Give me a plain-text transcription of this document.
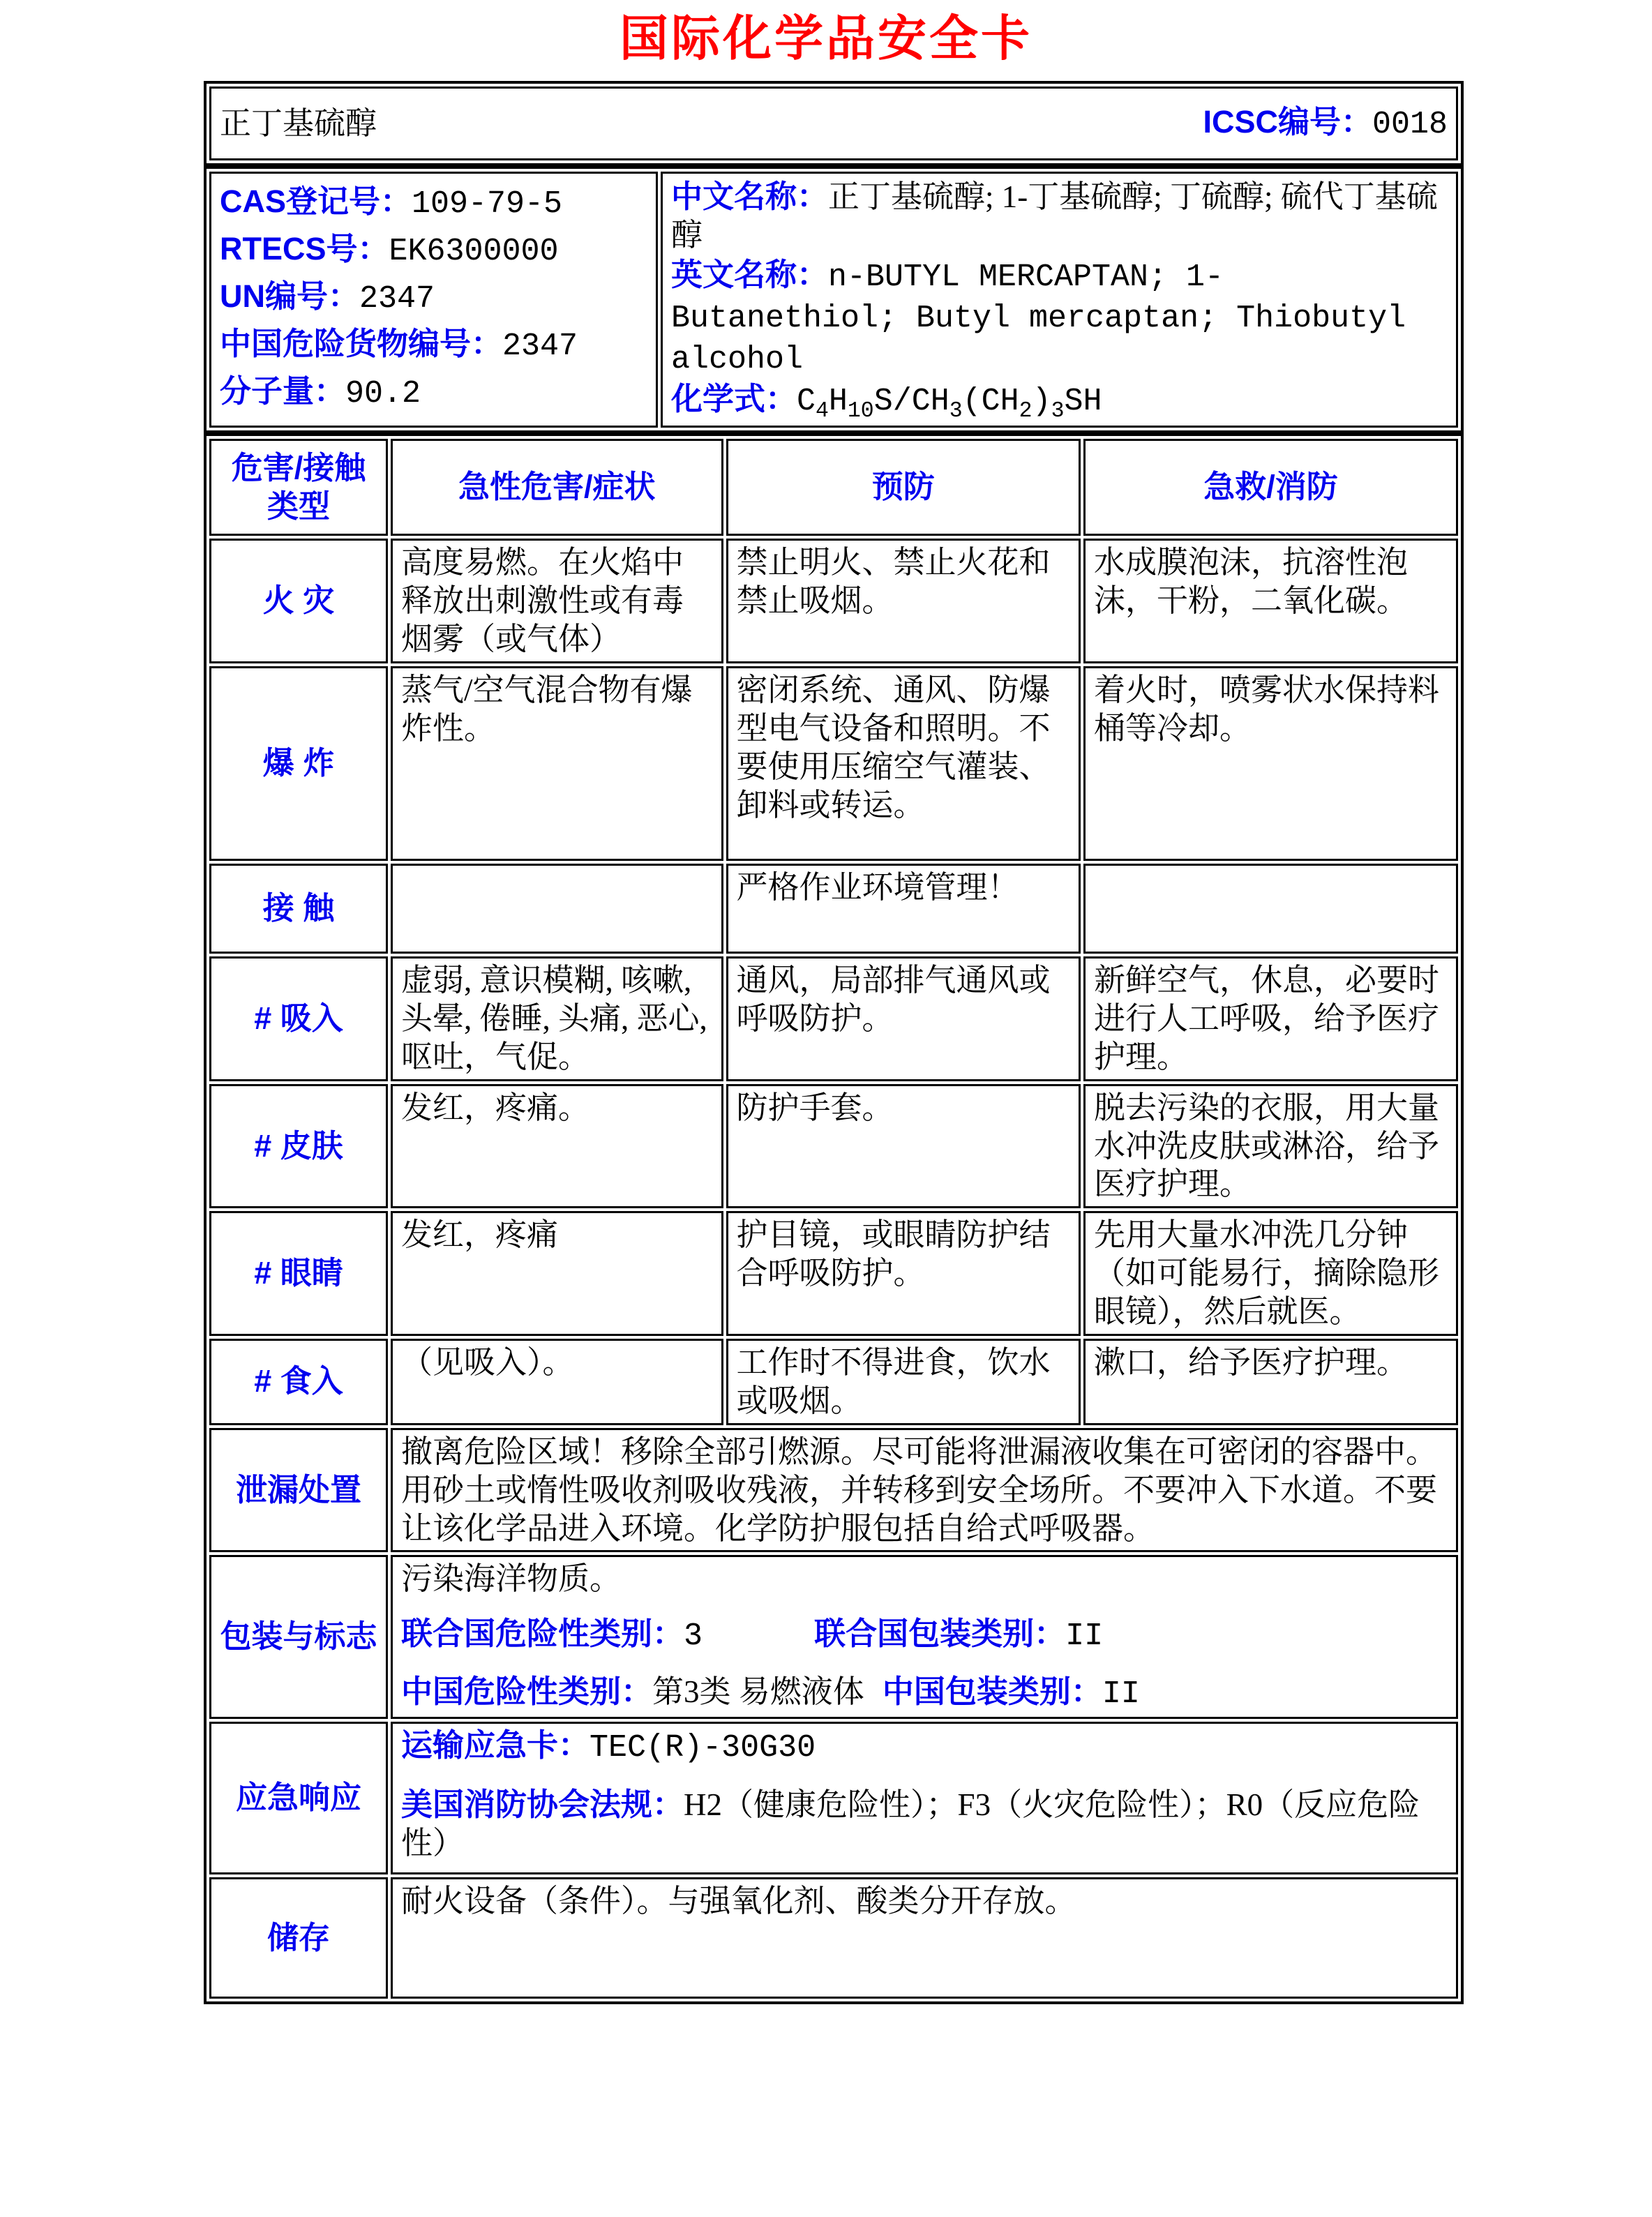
国际化学品安全卡
正丁基硫醇	ICSC编号：0018
CAS登记号：109-79-5
RTECS号：EK6300000
UN编号：2347
中国危险货物编号：2347
分子量：90.2

中文名称：正丁基硫醇; 1-丁基硫醇; 丁硫醇; 硫代丁基硫醇
英文名称：n-BUTYL MERCAPTAN; 1-Butanethiol; Butyl mercaptan; Thiobutyl alcohol
化学式：$C_4H_{10}S/CH_3(CH_2)_3SH$
危害/接触类型	急性危害/症状	预防	急救/消防
火 灾	高度易燃。在火焰中释放出刺激性或有毒烟雾（或气体）	禁止明火、禁止火花和禁止吸烟。	水成膜泡沫，抗溶性泡沫，干粉，二氧化碳。
爆 炸	蒸气/空气混合物有爆炸性。	密闭系统、通风、防爆型电气设备和照明。不要使用压缩空气灌装、卸料或转运。	着火时，喷雾状水保持料桶等冷却。
接 触		严格作业环境管理！	
# 吸入	虚弱, 意识模糊, 咳嗽, 头晕, 倦睡, 头痛, 恶心, 呕吐，气促。	通风，局部排气通风或呼吸防护。	新鲜空气，休息，必要时进行人工呼吸，给予医疗护理。
# 皮肤	发红，疼痛。	防护手套。	脱去污染的衣服，用大量水冲洗皮肤或淋浴，给予医疗护理。
# 眼睛	发红，疼痛	护目镜，或眼睛防护结合呼吸防护。	先用大量水冲洗几分钟（如可能易行，摘除隐形眼镜），然后就医。
# 食入	（见吸入）。	工作时不得进食，饮水或吸烟。	漱口，给予医疗护理。
泄漏处置	撤离危险区域！移除全部引燃源。尽可能将泄漏液收集在可密闭的容器中。用砂土或惰性吸收剂吸收残液，并转移到安全场所。不要冲入下水道。不要让该化学品进入环境。化学防护服包括自给式呼吸器。		
包装与标志	污染海洋物质。
联合国危险性类别：3 联合国包装类别：II
中国危险性类别：第3类 易燃液体 中国包装类别：II		

应急响应	运输应急卡：TEC(R)-30G30
美国消防协会法规：H2（健康危险性）；F3（火灾危险性）；R0（反应危险性）		

储存	耐火设备（条件）。与强氧化剂、酸类分开存放。		
